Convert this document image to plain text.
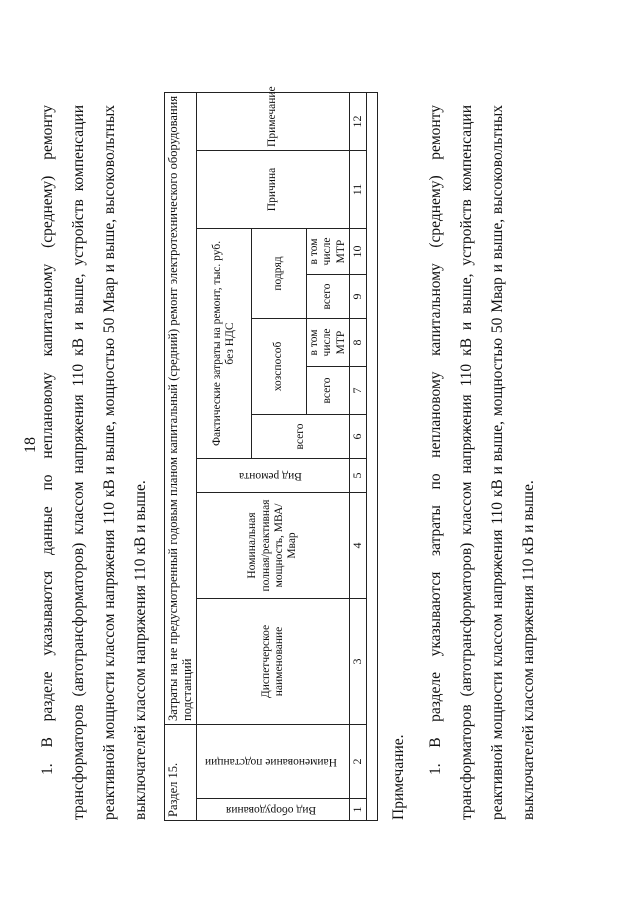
18 1. В разделе указываются данные по неплановому капитальному (среднему) ремонту трансформаторов (автотрансформаторов) классом напряжения 110 кВ и выше, устройств компенсации реактивной мощности классом напряжения 110 кВ и выше, мощностью 50 Мвар и выше, высоковольтных выключателей классом напряжения 110 кВ и выше.	Раздел 15.		Затраты на не предусмотренный годовым планом капитальный (средний) ремонт электротехнического оборудования подстанций									
Вид оборудования	Наименование подстанции	Диспетчерское наименование	Номинальная полная/реактивная мощность, МВА/Мвар	Вид ремонта	Фактические затраты на ремонт, тыс. руб. без НДС					Причина	Примечание
					всего	хозспособ		подряд			
						всего	в том числе МТР	всего	в том числе МТР		
1	2	3	4	5	6	7	8	9	10	11	12

Примечание.

1. В разделе указываются затраты по неплановому капитальному (среднему) ремонту трансформаторов (автотрансформаторов) классом напряжения 110 кВ и выше, устройств компенсации реактивной мощности классом напряжения 110 кВ и выше, мощностью 50 Мвар и выше, высоковольтных выключателей классом напряжения 110 кВ и выше.
